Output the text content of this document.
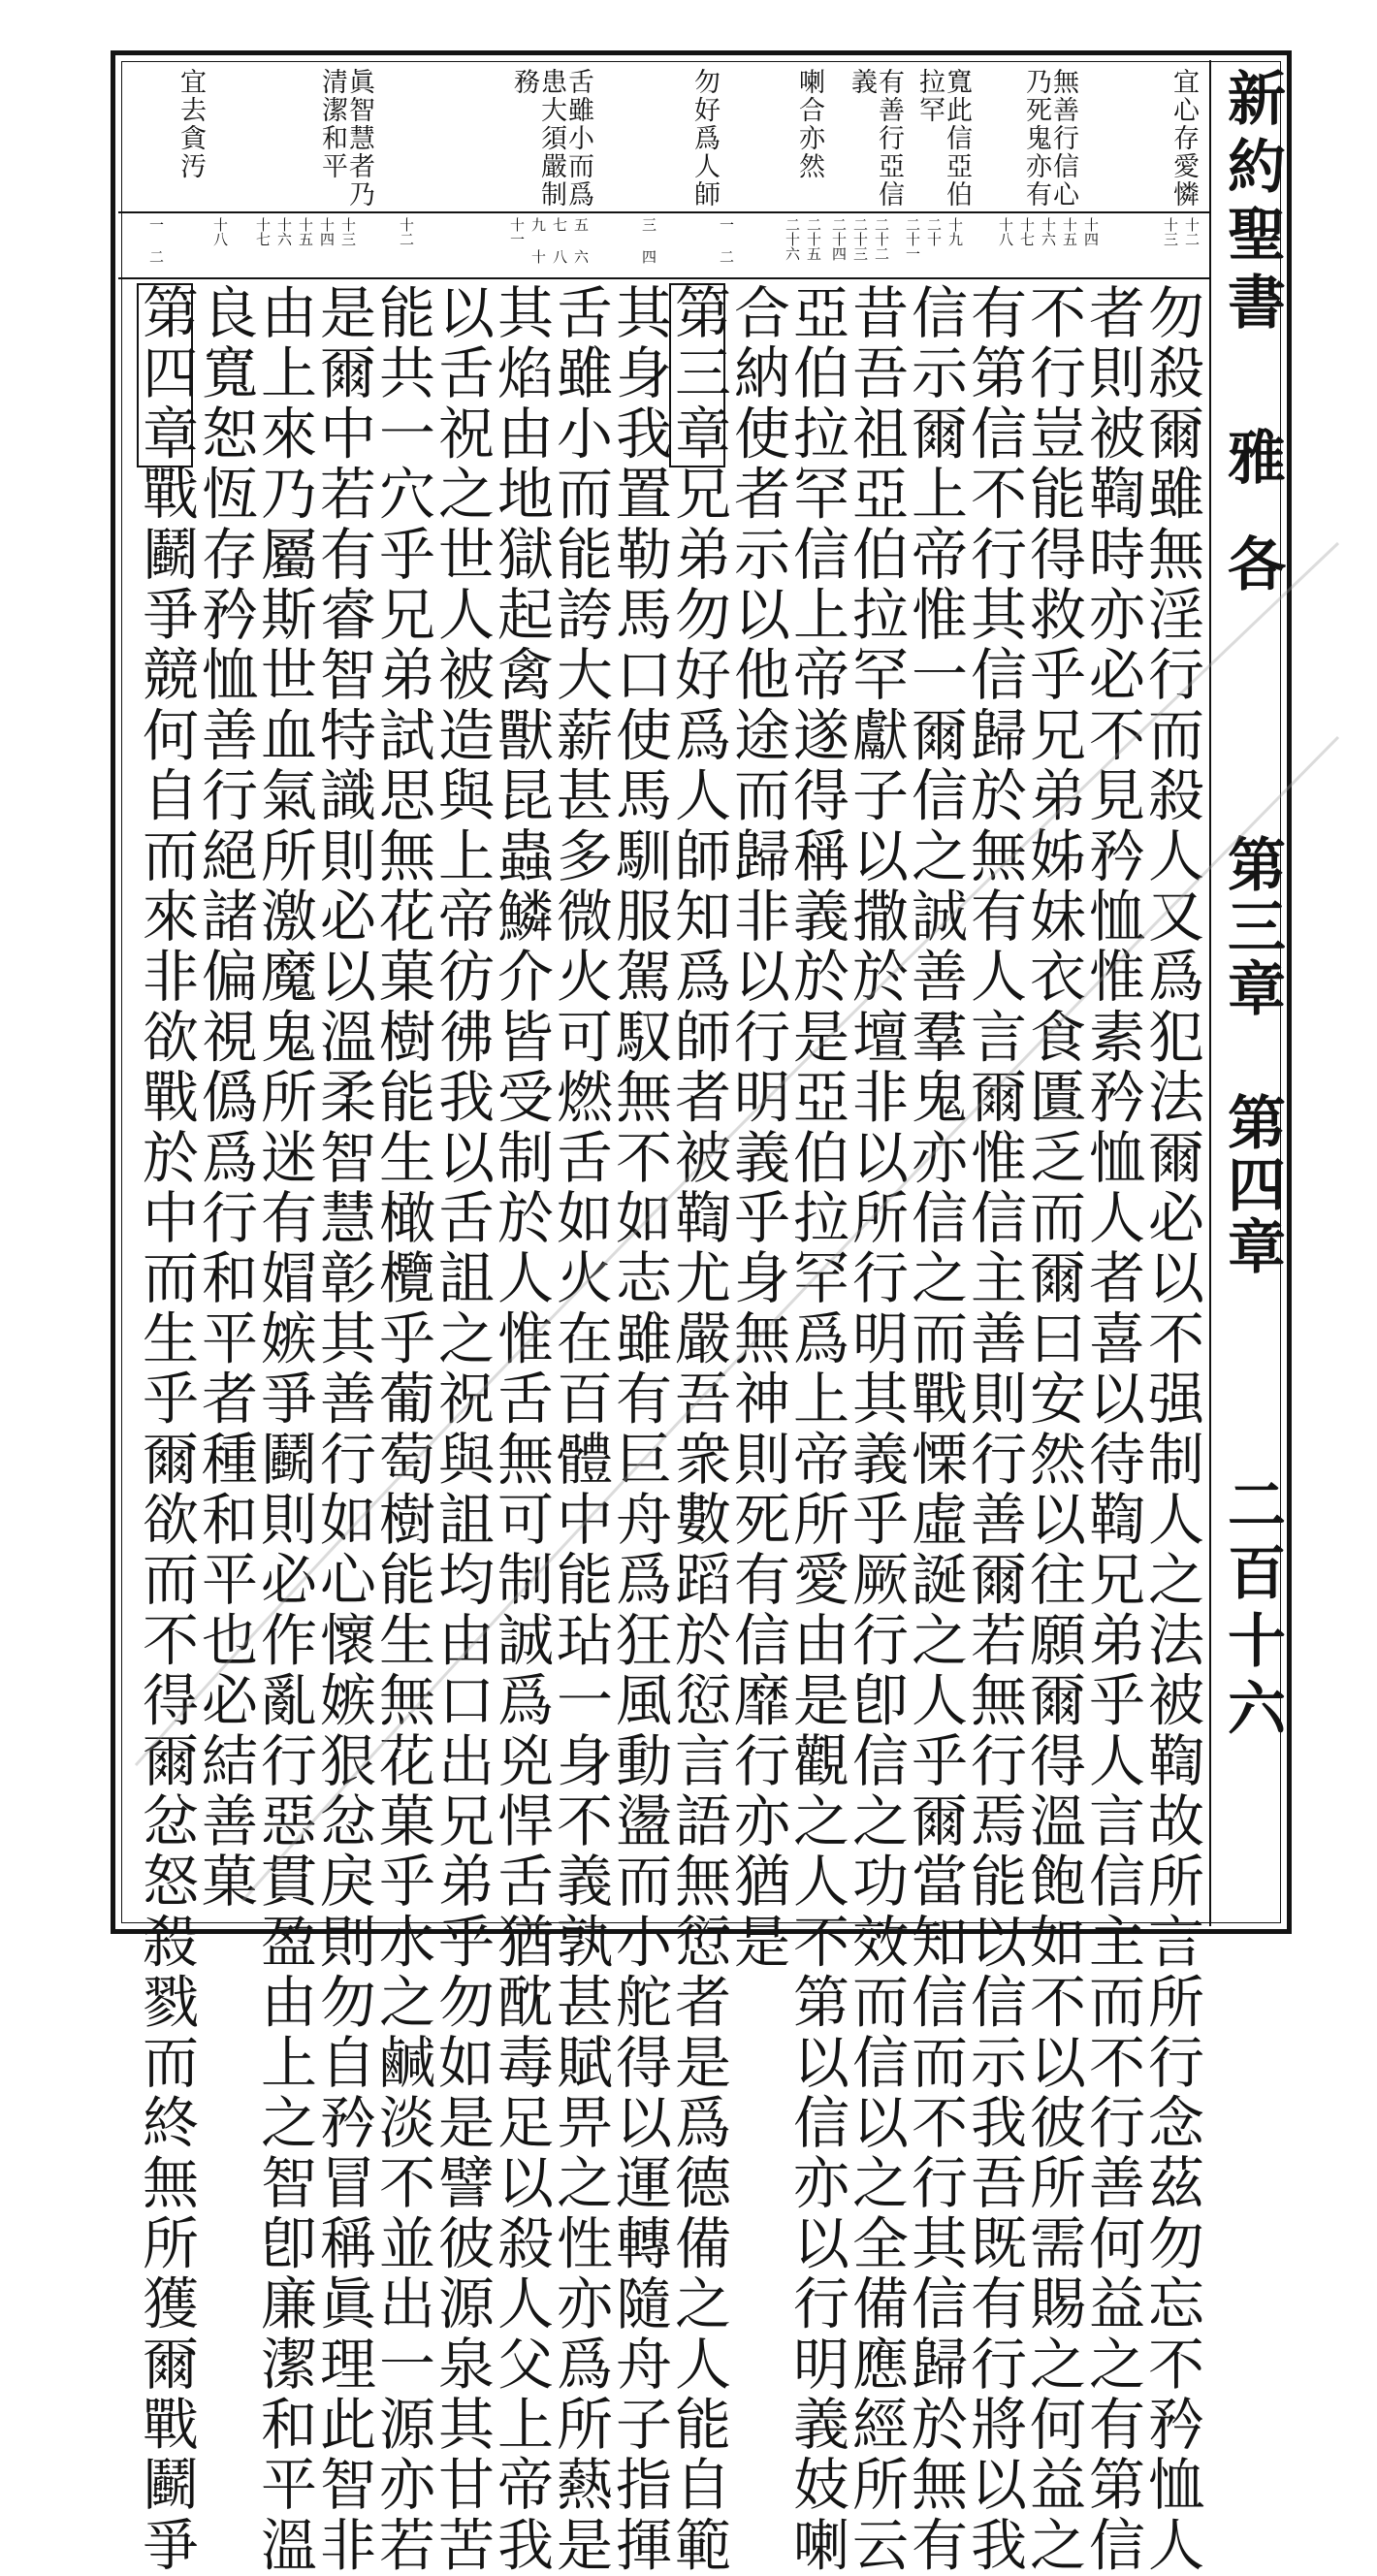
新約聖書
雅各
第三章 第四章
二百十六
宜心存愛憐
無善行信心乃死鬼亦有
寬此信亞伯拉罕
有善行亞信義
喇合亦然
勿好爲人師
舌雖小而爲患大須嚴制務
眞智慧者乃清潔和平
宜去貪汚
十二 十三
十四 十五 十六 十七 十八
十九 二十 二十一
二十二 二十三 二十四
二十五 二十六
一 二
三 四
五 六 七 八 九 十 十一
十二
十三 十四 十五 十六 十七
十八
一 二
勿殺爾雖無淫行而殺人又爲犯法爾必以不强制人之法被鞫故所言所行念茲勿忘不矜恤人
者則被鞫時亦必不見矜恤惟素矜恤人者喜以待鞫兄弟乎人言信主而不行善何益之有第信
不行豈能得救乎兄弟姊妹衣食匱乏而爾曰安然以往願爾得溫飽如不以彼所需賜之何益之
有第信不行其信歸於無有人言爾惟信主善則行善爾若無行焉能以信示我吾既有行將以我
信示爾上帝惟一爾信之誠善羣鬼亦信之而戰慄虛誕之人乎爾當知信而不行其信歸於無有
昔吾祖亞伯拉罕獻子以撒於壇非以所行明其義乎厥行卽信之功效而信以之全備應經所云
亞伯拉罕信上帝遂得稱義於是亞伯拉罕爲上帝所愛由是觀之人不第以信亦以行明義妓喇
合納使者示以他途而歸非以行明義乎身無神則死有信靡行亦猶是
第三章兄弟勿好爲人師知爲師者被鞫尤嚴吾衆數蹈於愆言語無愆者是爲德備之人能自範
其身我置勒馬口使馬馴服駕馭無不如志雖有巨舟爲狂風動盪而小舵得以運轉隨舟子指揮
舌雖小而能誇大薪甚多微火可燃舌如火在百體中能玷一身不義孰甚賦畀之性亦爲所爇是
其焰由地獄起禽獸昆蟲鱗介皆受制於人惟舌無可制誠爲兇悍舌猶酖毒足以殺人父上帝我
以舌祝之世人被造與上帝彷彿我以舌詛之祝與詛均由口出兄弟乎勿如是譬彼源泉其甘苦
能共一穴乎兄弟試思無花菓樹能生橄欖乎葡萄樹能生無花菓乎水之鹹淡不並出一源亦若
是爾中若有睿智特識則必以溫柔智慧彰其善行如心懷嫉狠忿戾則勿自矜冒稱眞理此智非
由上來乃屬斯世血氣所激魔鬼所迷有媢嫉爭鬬則必作亂行惡貫盈由上之智卽廉潔和平溫
良寬恕恆存矜恤善行絕諸偏視僞爲行和平者種和平也必結善菓
第四章戰鬬爭競何自而來非欲戰於中而生乎爾欲而不得爾忿怒殺戮而終無所獲爾戰鬬爭
